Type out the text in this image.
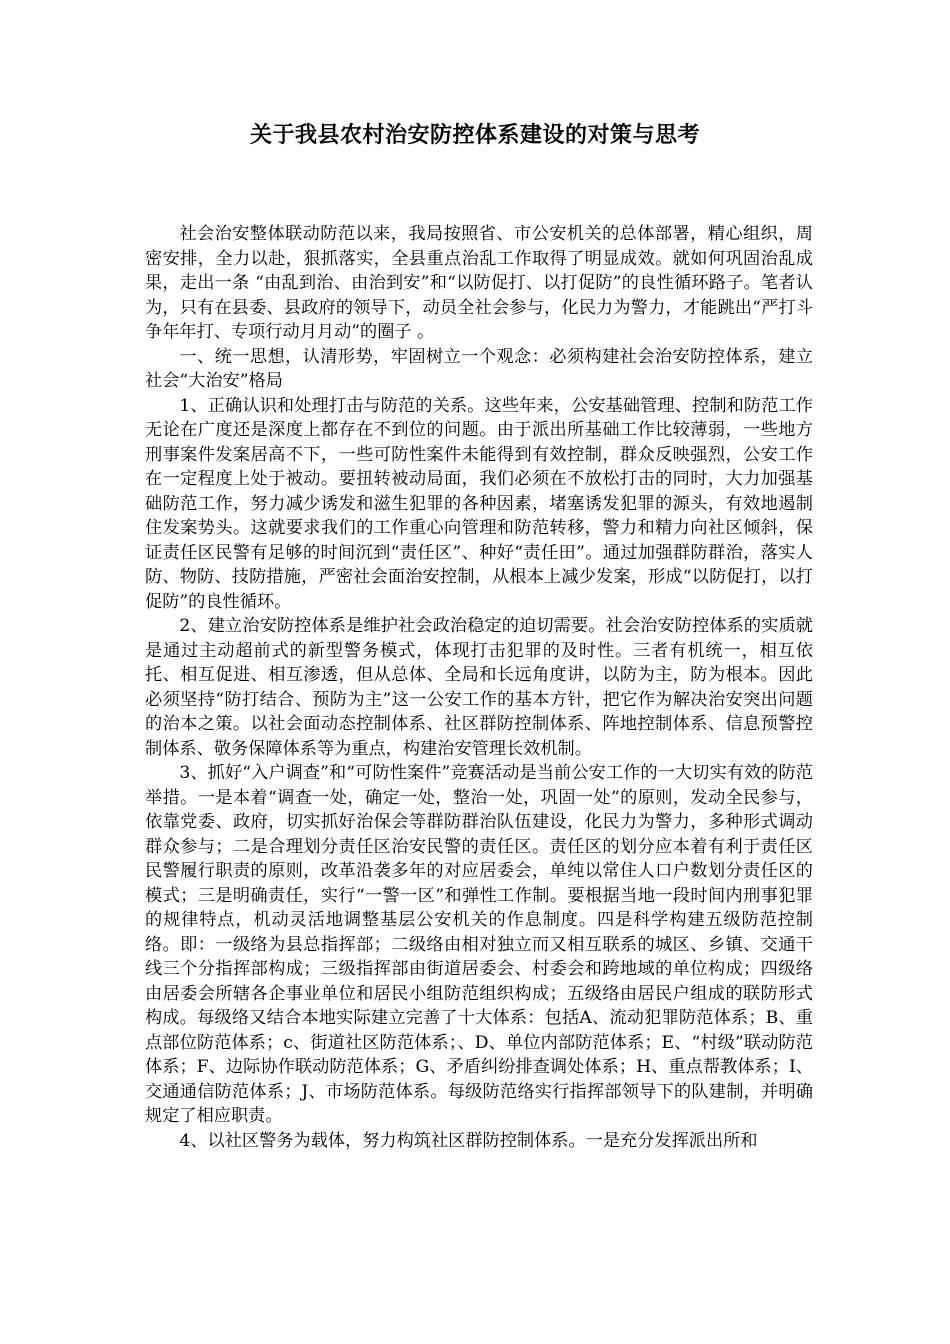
关于我县农村治安防控体系建设的对策与思考

社会治安整体联动防范以来，我局按照省、市公安机关的总体部署，精心组织，周密安排，全力以赴，狠抓落实，全县重点治乱工作取得了明显成效。就如何巩固治乱成果，走出一条 “由乱到治、由治到安”和“以防促打、以打促防”的良性循环路子。笔者认为，只有在县委、县政府的领导下，动员全社会参与，化民力为警力，才能跳出“严打斗争年年打、专项行动月月动”的圈子 。

一、统一思想，认清形势，牢固树立一个观念：必须构建社会治安防控体系，建立社会“大治安”格局

1、正确认识和处理打击与防范的关系。这些年来，公安基础管理、控制和防范工作无论在广度还是深度上都存在不到位的问题。由于派出所基础工作比较薄弱，一些地方刑事案件发案居高不下，一些可防性案件未能得到有效控制，群众反映强烈，公安工作在一定程度上处于被动。要扭转被动局面，我们必须在不放松打击的同时，大力加强基础防范工作，努力减少诱发和滋生犯罪的各种因素，堵塞诱发犯罪的源头，有效地遏制住发案势头。这就要求我们的工作重心向管理和防范转移，警力和精力向社区倾斜，保证责任区民警有足够的时间沉到“责任区”、种好“责任田”。通过加强群防群治，落实人防、物防、技防措施，严密社会面治安控制，从根本上减少发案，形成“以防促打，以打促防”的良性循环。

2、建立治安防控体系是维护社会政治稳定的迫切需要。社会治安防控体系的实质就是通过主动超前式的新型警务模式，体现打击犯罪的及时性。三者有机统一，相互依托、相互促进、相互渗透，但从总体、全局和长远角度讲，以防为主，防为根本。因此必须坚持“防打结合、预防为主”这一公安工作的基本方针，把它作为解决治安突出问题的治本之策。以社会面动态控制体系、社区群防控制体系、阵地控制体系、信息预警控制体系、敬务保障体系等为重点，构建治安管理长效机制。

3、抓好“入户调查”和“可防性案件”竞赛活动是当前公安工作的一大切实有效的防范举措。一是本着“调查一处，确定一处，整治一处，巩固一处”的原则，发动全民参与，依靠党委、政府，切实抓好治保会等群防群治队伍建设，化民力为警力，多种形式调动群众参与；二是合理划分责任区治安民警的责任区。责任区的划分应本着有利于责任区民警履行职责的原则，改革沿袭多年的对应居委会，单纯以常住人口户数划分责任区的模式；三是明确责任，实行“一警一区”和弹性工作制。要根据当地一段时间内刑事犯罪的规律特点，机动灵活地调整基层公安机关的作息制度。四是科学构建五级防范控制络。即：一级络为县总指挥部；二级络由相对独立而又相互联系的城区、乡镇、交通干线三个分指挥部构成；三级指挥部由街道居委会、村委会和跨地域的单位构成；四级络由居委会所辖各企事业单位和居民小组防范组织构成；五级络由居民户组成的联防形式构成。每级络又结合本地实际建立完善了十大体系：包括A、流动犯罪防范体系；B、重点部位防范体系；c、街道社区防范体系；、D、单位内部防范体系；E、“村级”联动防范体系；F、边际协作联动防范体系；G、矛盾纠纷排查调处体系；H、重点帮教体系；I、交通通信防范体系；J、市场防范体系。每级防范络实行指挥部领导下的队建制，并明确规定了相应职责。

4、以社区警务为载体，努力构筑社区群防控制体系。一是充分发挥派出所和
